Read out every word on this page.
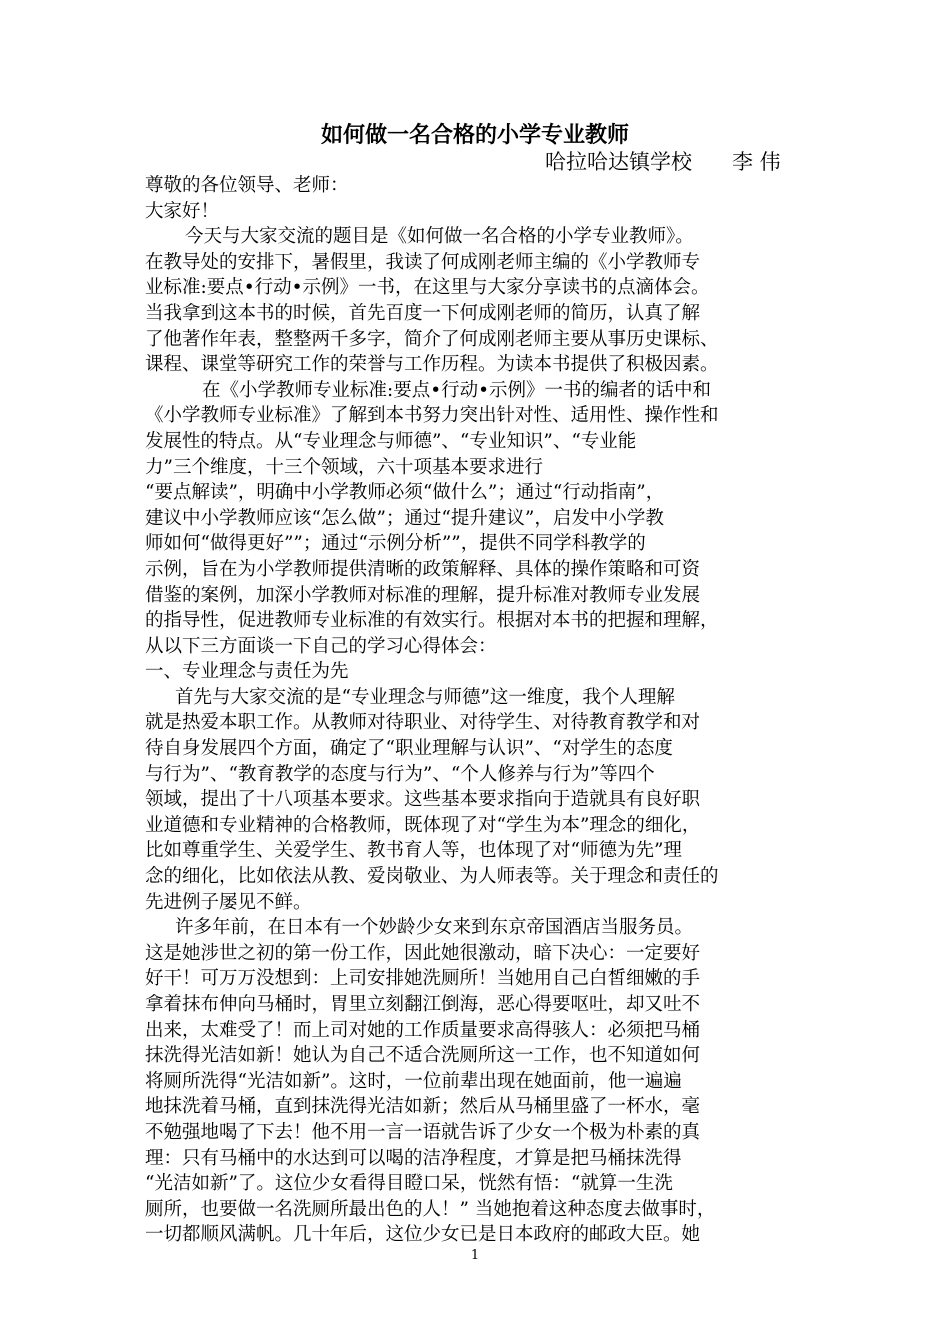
如何做一名合格的小学专业教师
哈拉哈达镇学校 李 伟
尊敬的各位领导、老师：
大家好！
今天与大家交流的题目是《如何做一名合格的小学专业教师》。
在教导处的安排下，暑假里，我读了何成刚老师主编的《小学教师专
业标准:要点•行动•示例》一书，在这里与大家分享读书的点滴体会。
当我拿到这本书的时候，首先百度一下何成刚老师的简历，认真了解
了他著作年表，整整两千多字，简介了何成刚老师主要从事历史课标、
课程、课堂等研究工作的荣誉与工作历程。为读本书提供了积极因素。
在《小学教师专业标准:要点•行动•示例》一书的编者的话中和
《小学教师专业标准》了解到本书努力突出针对性、适用性、操作性和
发展性的特点。从“专业理念与师德”、“专业知识”、“专业能
力”三个维度，十三个领域，六十项基本要求进行
“要点解读”，明确中小学教师必须“做什么”；通过“行动指南”，
建议中小学教师应该“怎么做”；通过“提升建议”，启发中小学教
师如何“做得更好””；通过“示例分析””，提供不同学科教学的
示例，旨在为小学教师提供清晰的政策解释、具体的操作策略和可资
借鉴的案例，加深小学教师对标准的理解，提升标准对教师专业发展
的指导性，促进教师专业标准的有效实行。根据对本书的把握和理解，
从以下三方面谈一下自己的学习心得体会：
一、专业理念与责任为先
首先与大家交流的是“专业理念与师德”这一维度，我个人理解
就是热爱本职工作。从教师对待职业、对待学生、对待教育教学和对
待自身发展四个方面，确定了“职业理解与认识”、“对学生的态度
与行为”、“教育教学的态度与行为”、“个人修养与行为”等四个
领域，提出了十八项基本要求。这些基本要求指向于造就具有良好职
业道德和专业精神的合格教师，既体现了对“学生为本”理念的细化，
比如尊重学生、关爱学生、教书育人等，也体现了对“师德为先”理
念的细化，比如依法从教、爱岗敬业、为人师表等。关于理念和责任的
先进例子屡见不鲜。
许多年前，在日本有一个妙龄少女来到东京帝国酒店当服务员。
这是她涉世之初的第一份工作，因此她很激动，暗下决心：一定要好
好干！可万万没想到：上司安排她洗厕所！当她用自己白皙细嫩的手
拿着抹布伸向马桶时，胃里立刻翻江倒海，恶心得要呕吐，却又吐不
出来，太难受了！而上司对她的工作质量要求高得骇人：必须把马桶
抹洗得光洁如新！她认为自己不适合洗厕所这一工作，也不知道如何
将厕所洗得“光洁如新”。这时，一位前辈出现在她面前，他一遍遍
地抹洗着马桶，直到抹洗得光洁如新；然后从马桶里盛了一杯水，毫
不勉强地喝了下去！他不用一言一语就告诉了少女一个极为朴素的真
理：只有马桶中的水达到可以喝的洁净程度，才算是把马桶抹洗得
“光洁如新”了。这位少女看得目瞪口呆，恍然有悟：“就算一生洗
厕所，也要做一名洗厕所最出色的人！” 当她抱着这种态度去做事时，
一切都顺风满帆。几十年后，这位少女已是日本政府的邮政大臣。她
1
